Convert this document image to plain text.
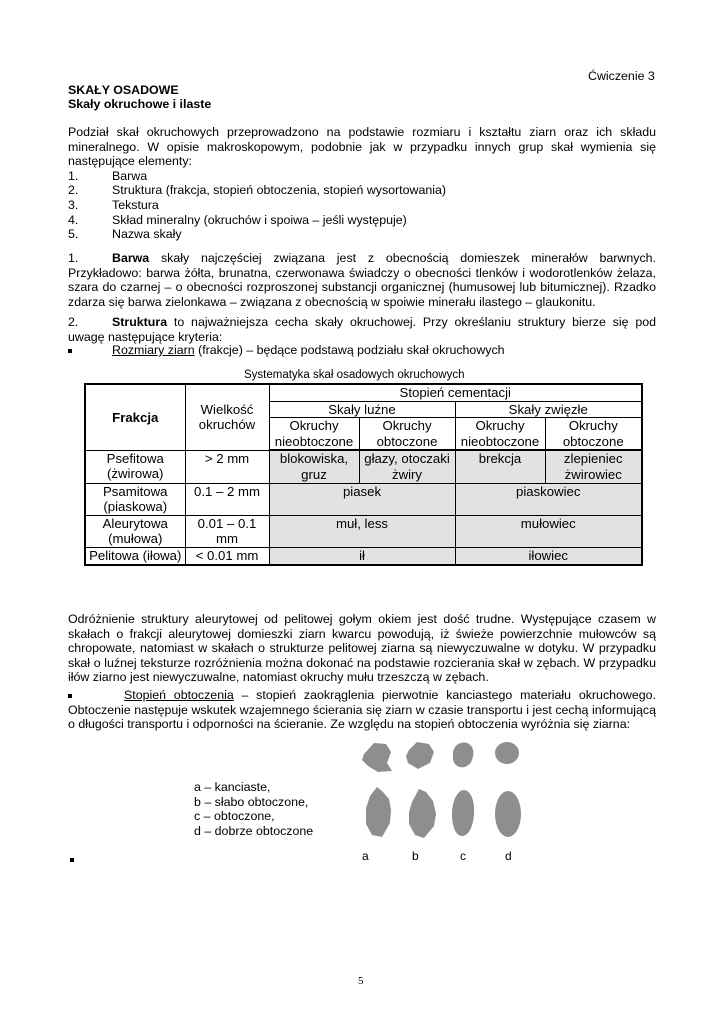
Ćwiczenie 3
SKAŁY OSADOWE
Skały okruchowe i ilaste
Podział skał okruchowych przeprowadzono na podstawie rozmiaru i kształtu ziarn oraz ich składu mineralnego. W opisie makroskopowym, podobnie jak w przypadku innych grup skał wymienia się następujące elementy:
1.	Barwa
2.	Struktura (frakcja, stopień obtoczenia, stopień wysortowania)
3.	Tekstura
4.	Skład mineralny (okruchów i spoiwa – jeśli występuje)
5.	Nazwa skały
1.	Barwa skały najczęściej związana jest z obecnością domieszek minerałów barwnych. Przykładowo: barwa żółta, brunatna, czerwonawa świadczy o obecności tlenków i wodorotlenków żelaza, szara do czarnej – o obecności rozproszonej substancji organicznej (humusowej lub bitumicznej). Rzadko zdarza się barwa zielonkawa – związana z obecnością w spoiwie minerału ilastego – glaukonitu.
2.	Struktura to najważniejsza cecha skały okruchowej. Przy określaniu struktury bierze się pod uwagę następujące kryteria:
Rozmiary ziarn (frakcje) – będące podstawą podziału skał okruchowych
Systematyka skał osadowych okruchowych
Frakcja	Wielkość okruchów	Stopień cementacji			
		Skały luźne		Skały zwięzłe	
		Okruchy nieobtoczone	Okruchy obtoczone	Okruchy nieobtoczone	Okruchy obtoczone
Psefitowa (żwirowa)	> 2 mm	blokowiska, gruz	głazy, otoczaki żwiry	brekcja	zlepieniec żwirowiec
Psamitowa (piaskowa)	0.1 – 2 mm	piasek		piaskowiec	
Aleurytowa (mułowa)	0.01 – 0.1 mm	muł, less		mułowiec	
Pelitowa (iłowa)	< 0.01 mm	ił		iłowiec	
Odróżnienie struktury aleurytowej od pelitowej gołym okiem jest dość trudne. Występujące czasem w skałach o frakcji aleurytowej domieszki ziarn kwarcu powodują, iż świeże powierzchnie mułowców są chropowate, natomiast w skałach o strukturze pelitowej ziarna są niewyczuwalne w dotyku. W przypadku skał o luźnej teksturze rozróżnienia można dokonać na podstawie rozcierania skał w zębach. W przypadku iłów ziarno jest niewyczuwalne, natomiast okruchy mułu trzeszczą w zębach.
Stopień obtoczenia – stopień zaokrąglenia pierwotnie kanciastego materiału okruchowego. Obtoczenie następuje wskutek wzajemnego ścierania się ziarn w czasie transportu i jest cechą informującą o długości transportu i odporności na ścieranie. Ze względu na stopień obtoczenia wyróżnia się ziarna:
a – kanciaste,
b – słabo obtoczone,
c – obtoczone,
d – dobrze obtoczone
a	b	c	d
5
